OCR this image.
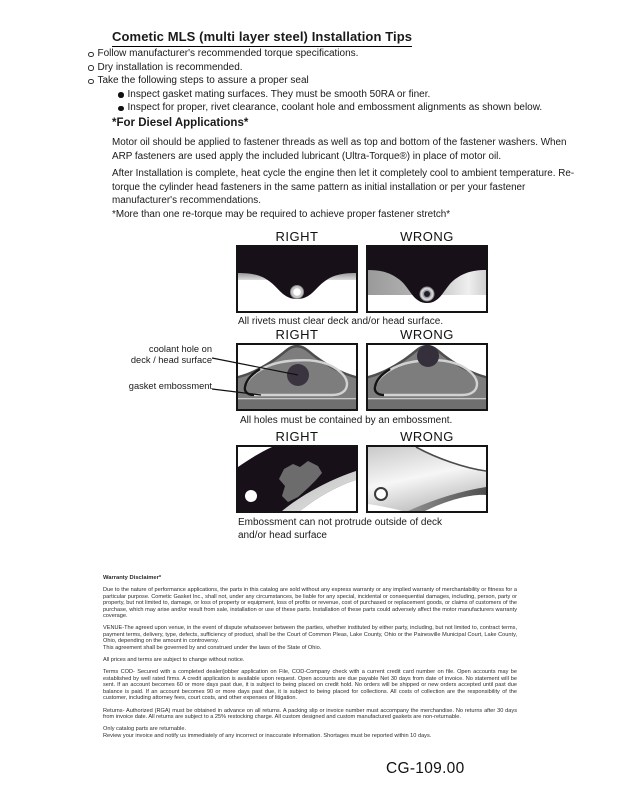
Cometic MLS (multi layer steel) Installation Tips
Follow manufacturer's recommended torque specifications.
Dry installation is recommended.
Take the following steps to assure a proper seal
Inspect gasket mating surfaces. They must be smooth 50RA or finer.
Inspect for proper, rivet clearance, coolant hole and embossment alignments as shown below.
*For Diesel Applications*
Motor oil should be applied to fastener threads as well as top and bottom of the fastener washers. When ARP fasteners are used apply the included lubricant (Ultra-Torque®) in place of motor oil.
After Installation is complete, heat cycle the engine then let it completely cool to ambient temperature. Re-torque the cylinder head fasteners in the same pattern as initial installation or per your fastener manufacturer's recommendations.
*More than one re-torque may be required to achieve proper fastener stretch*
RIGHT	WRONG
All rivets must clear deck and/or head surface.
RIGHT	WRONG
coolant hole on
deck / head surface
gasket embossment
All holes must be contained by an embossment.
RIGHT	WRONG
Embossment can not protrude outside of deck
and/or head surface
Warranty Disclaimer*

Due to the nature of performance applications, the parts in this catalog are sold without any express warranty or any implied warranty of merchantability or fitness for a particular purpose. Cometic Gasket Inc., shall not, under any circumstances, be liable for any special, incidental or consequential damages, including, person, party or property, but not limited to, damage, or loss of property or equipment, loss of profits or revenue, cost of purchased or replacement goods, or claims of customers of the purchase, which may arise and/or result from sale, installation or use of these parts. Installation of these parts could adversely affect the motor manufacturers warranty coverage.

VENUE-The agreed upon venue, in the event of dispute whatsoever between the parties, whether instituted by either party, including, but not limited to, contract terms, payment terms, delivery, type, defects, sufficiency of product, shall be the Court of Common Pleas, Lake County, Ohio or the Painesville Municipal Court, Lake County, Ohio, depending on the amount in controversy.
This agreement shall be governed by and construed under the laws of the State of Ohio.

All prices and terms are subject to change without notice.

Terms COD- Secured with a completed dealer/jobber application on File, COD-Company check with a current credit card number on file. Open accounts may be established by well rated firms. A credit application is available upon request. Open accounts are due payable Net 30 days from date of invoice. No statement will be sent. If an account becomes 60 or more days past due, it is subject to being placed on credit hold. No orders will be shipped or new orders accepted until past due balance is paid. If an account becomes 90 or more days past due, it is subject to being placed for collections. All costs of collection are the responsibility of the customer, including attorney fees, court costs, and other expenses of litigation.

Returns- Authorized (RGA) must be obtained in advance on all returns. A packing slip or invoice number must accompany the merchandise. No returns after 30 days from invoice date. All returns are subject to a 25% restocking charge. All custom designed and custom manufactured gaskets are non-returnable.

Only catalog parts are returnable.
Review your invoice and notify us immediately of any incorrect or inaccurate information. Shortages must be reported within 10 days.

CG-109.00
